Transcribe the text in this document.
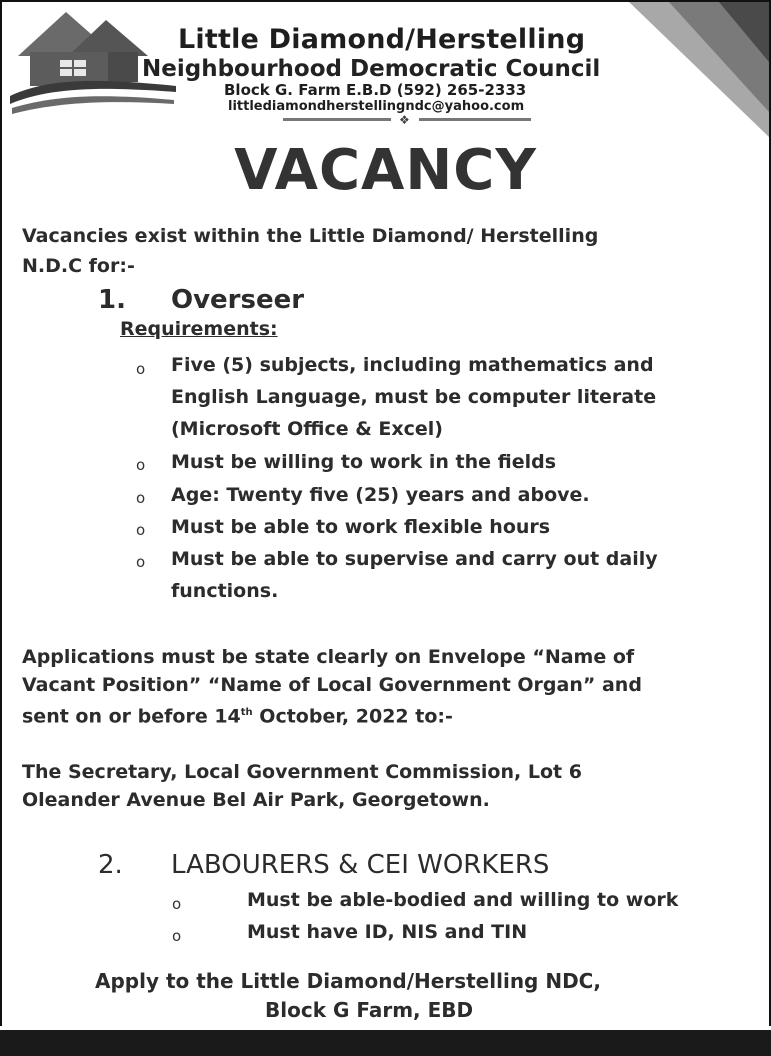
Little Diamond/Herstelling
Neighbourhood Democratic Council
Block G. Farm E.B.D (592) 265-2333
littlediamondherstellingndc@yahoo.com
❖
VACANCY
Vacancies exist within the Little Diamond/ Herstelling
N.D.C for:-
1. Overseer
Requirements:
o Five (5) subjects, including mathematics and
English Language, must be computer literate
(Microsoft Office & Excel)
o Must be willing to work in the fields
o Age: Twenty five (25) years and above.
o Must be able to work flexible hours
o Must be able to supervise and carry out daily
functions.
Applications must be state clearly on Envelope “Name of
Vacant Position” “Name of Local Government Organ” and
sent on or before 14th October, 2022 to:-
The Secretary, Local Government Commission, Lot 6
Oleander Avenue Bel Air Park, Georgetown.
2. LABOURERS & CEI WORKERS
o	Must be able-bodied and willing to work
o	Must have ID, NIS and TIN
Apply to the Little Diamond/Herstelling NDC,
Block G Farm, EBD
